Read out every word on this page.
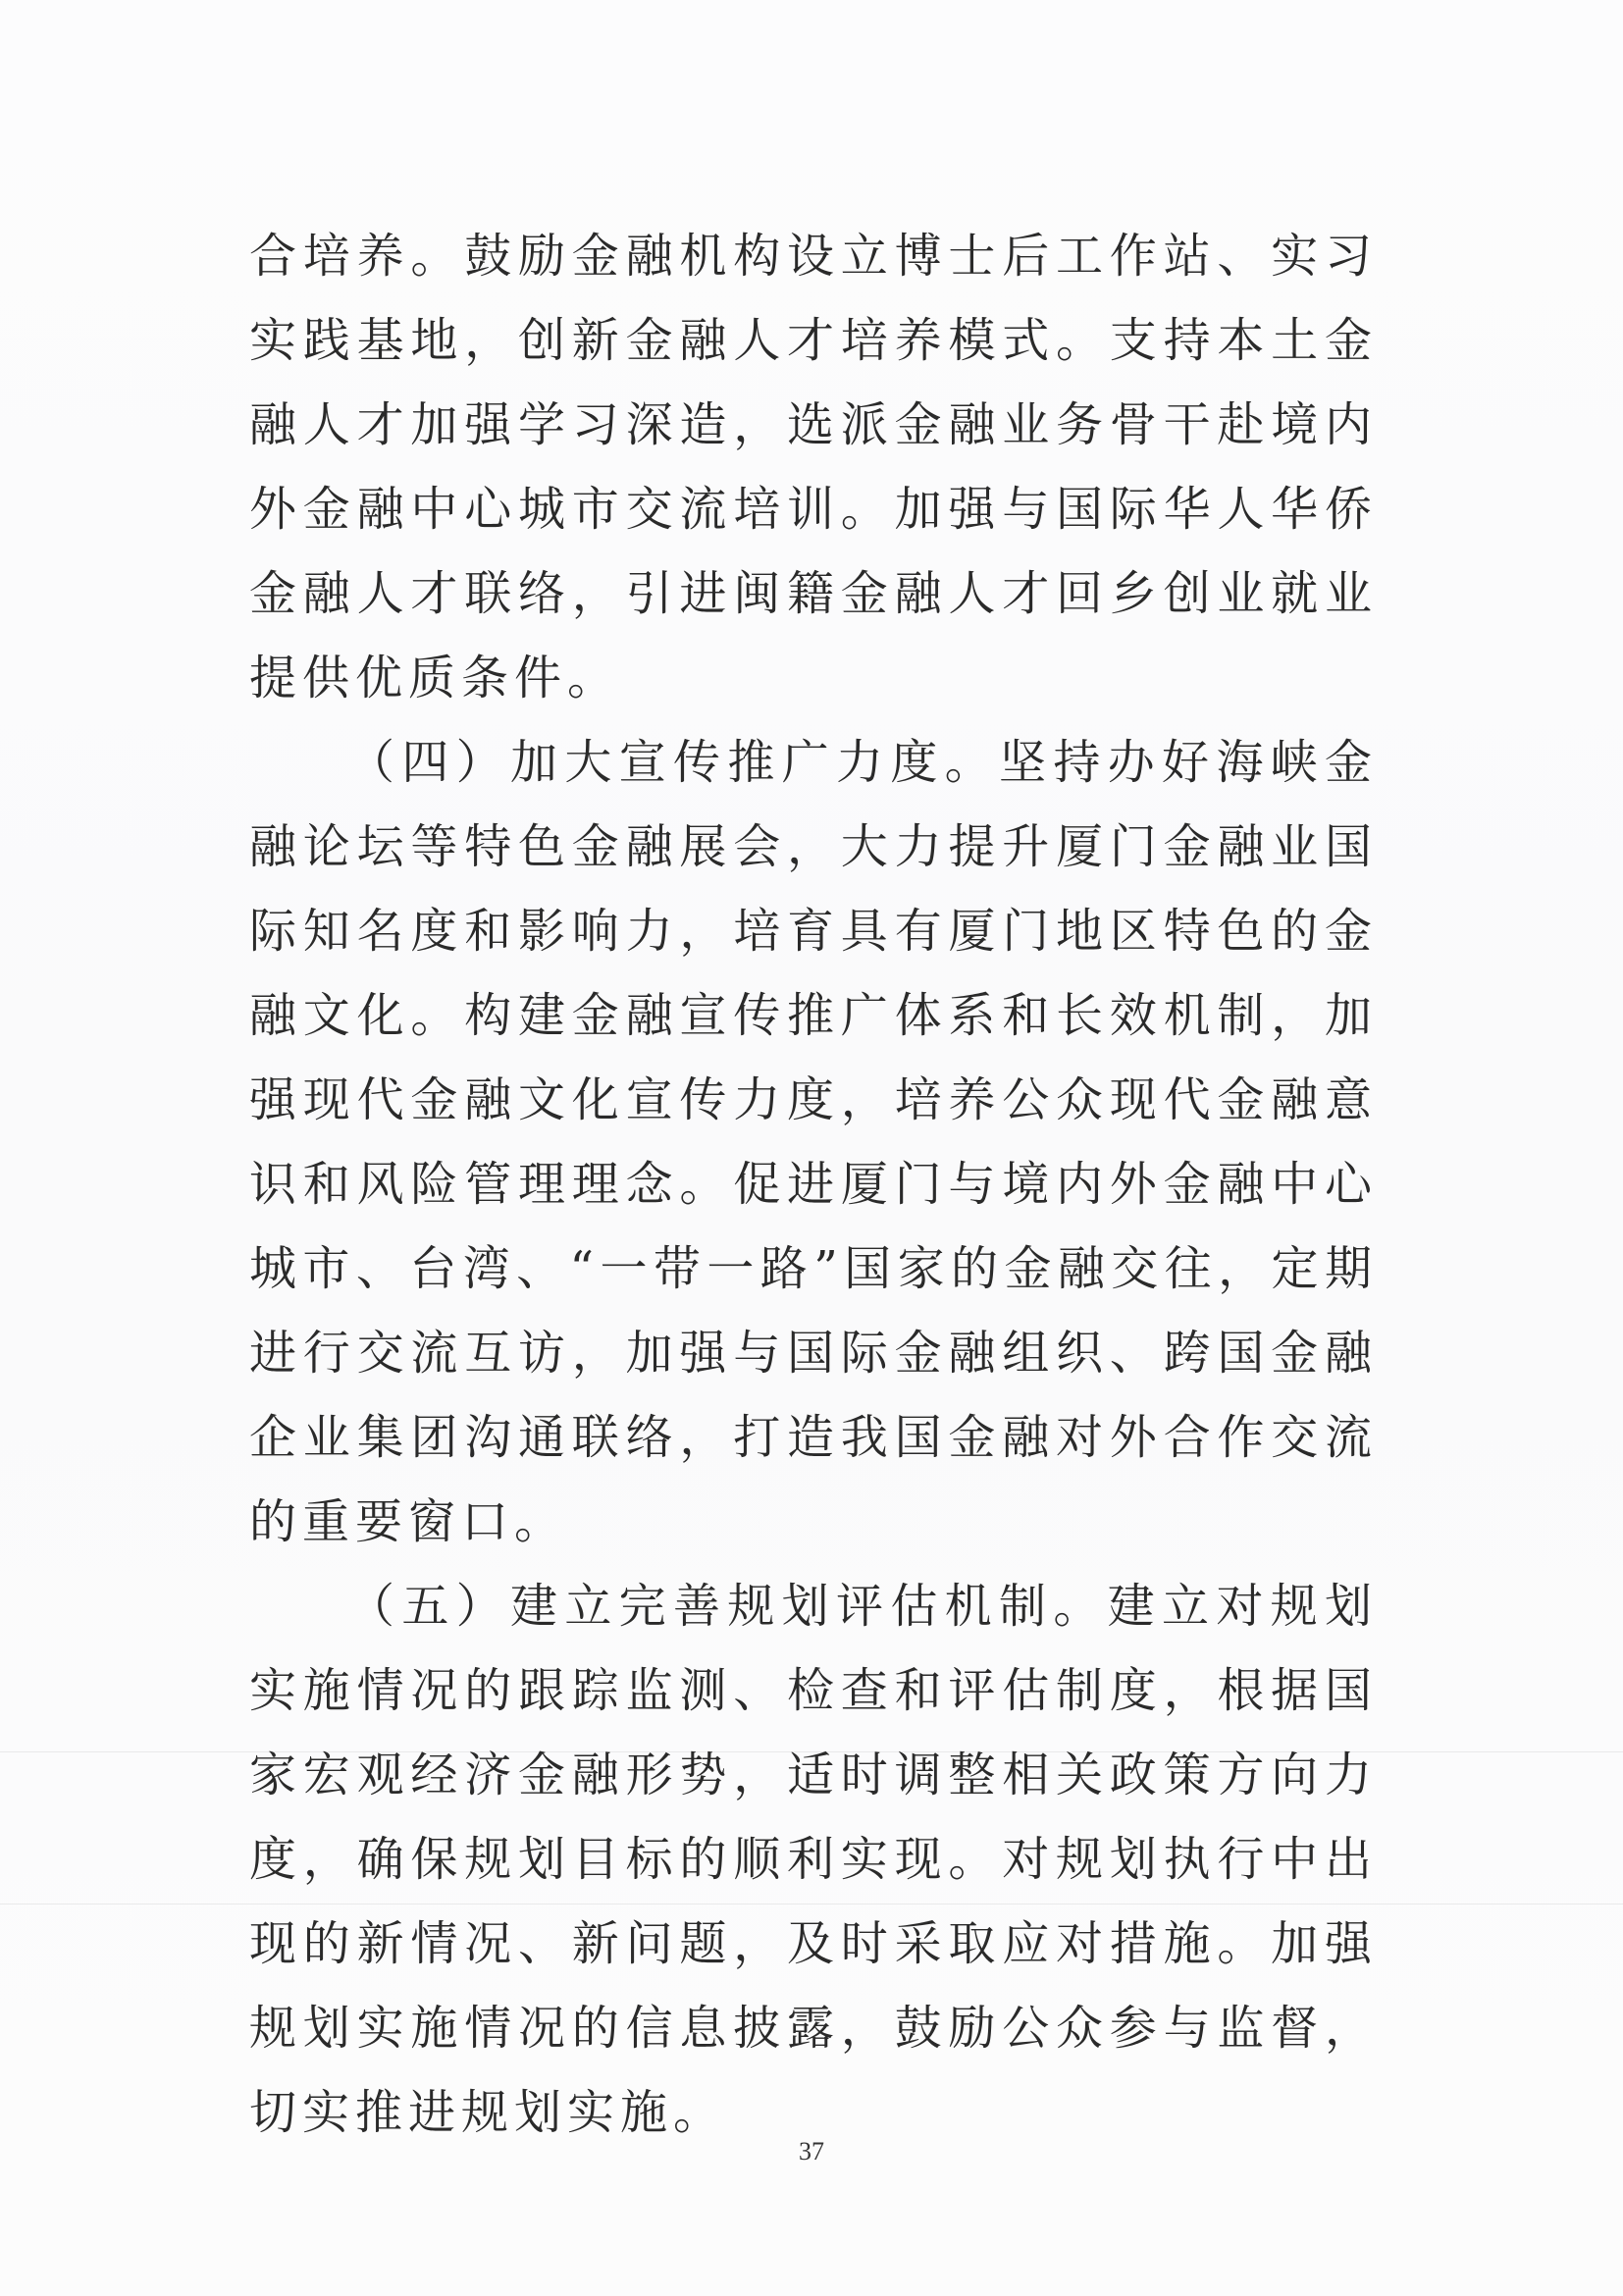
合培养。鼓励金融机构设立博士后工作站、实习实践基地，创新金融人才培养模式。支持本土金融人才加强学习深造，选派金融业务骨干赴境内外金融中心城市交流培训。加强与国际华人华侨金融人才联络，引进闽籍金融人才回乡创业就业提供优质条件。

（四）加大宣传推广力度。坚持办好海峡金融论坛等特色金融展会，大力提升厦门金融业国际知名度和影响力，培育具有厦门地区特色的金融文化。构建金融宣传推广体系和长效机制，加强现代金融文化宣传力度，培养公众现代金融意识和风险管理理念。促进厦门与境内外金融中心城市、台湾、“一带一路”国家的金融交往，定期进行交流互访，加强与国际金融组织、跨国金融企业集团沟通联络，打造我国金融对外合作交流的重要窗口。

（五）建立完善规划评估机制。建立对规划实施情况的跟踪监测、检查和评估制度，根据国家宏观经济金融形势，适时调整相关政策方向力度，确保规划目标的顺利实现。对规划执行中出现的新情况、新问题，及时采取应对措施。加强规划实施情况的信息披露，鼓励公众参与监督，切实推进规划实施。

37
